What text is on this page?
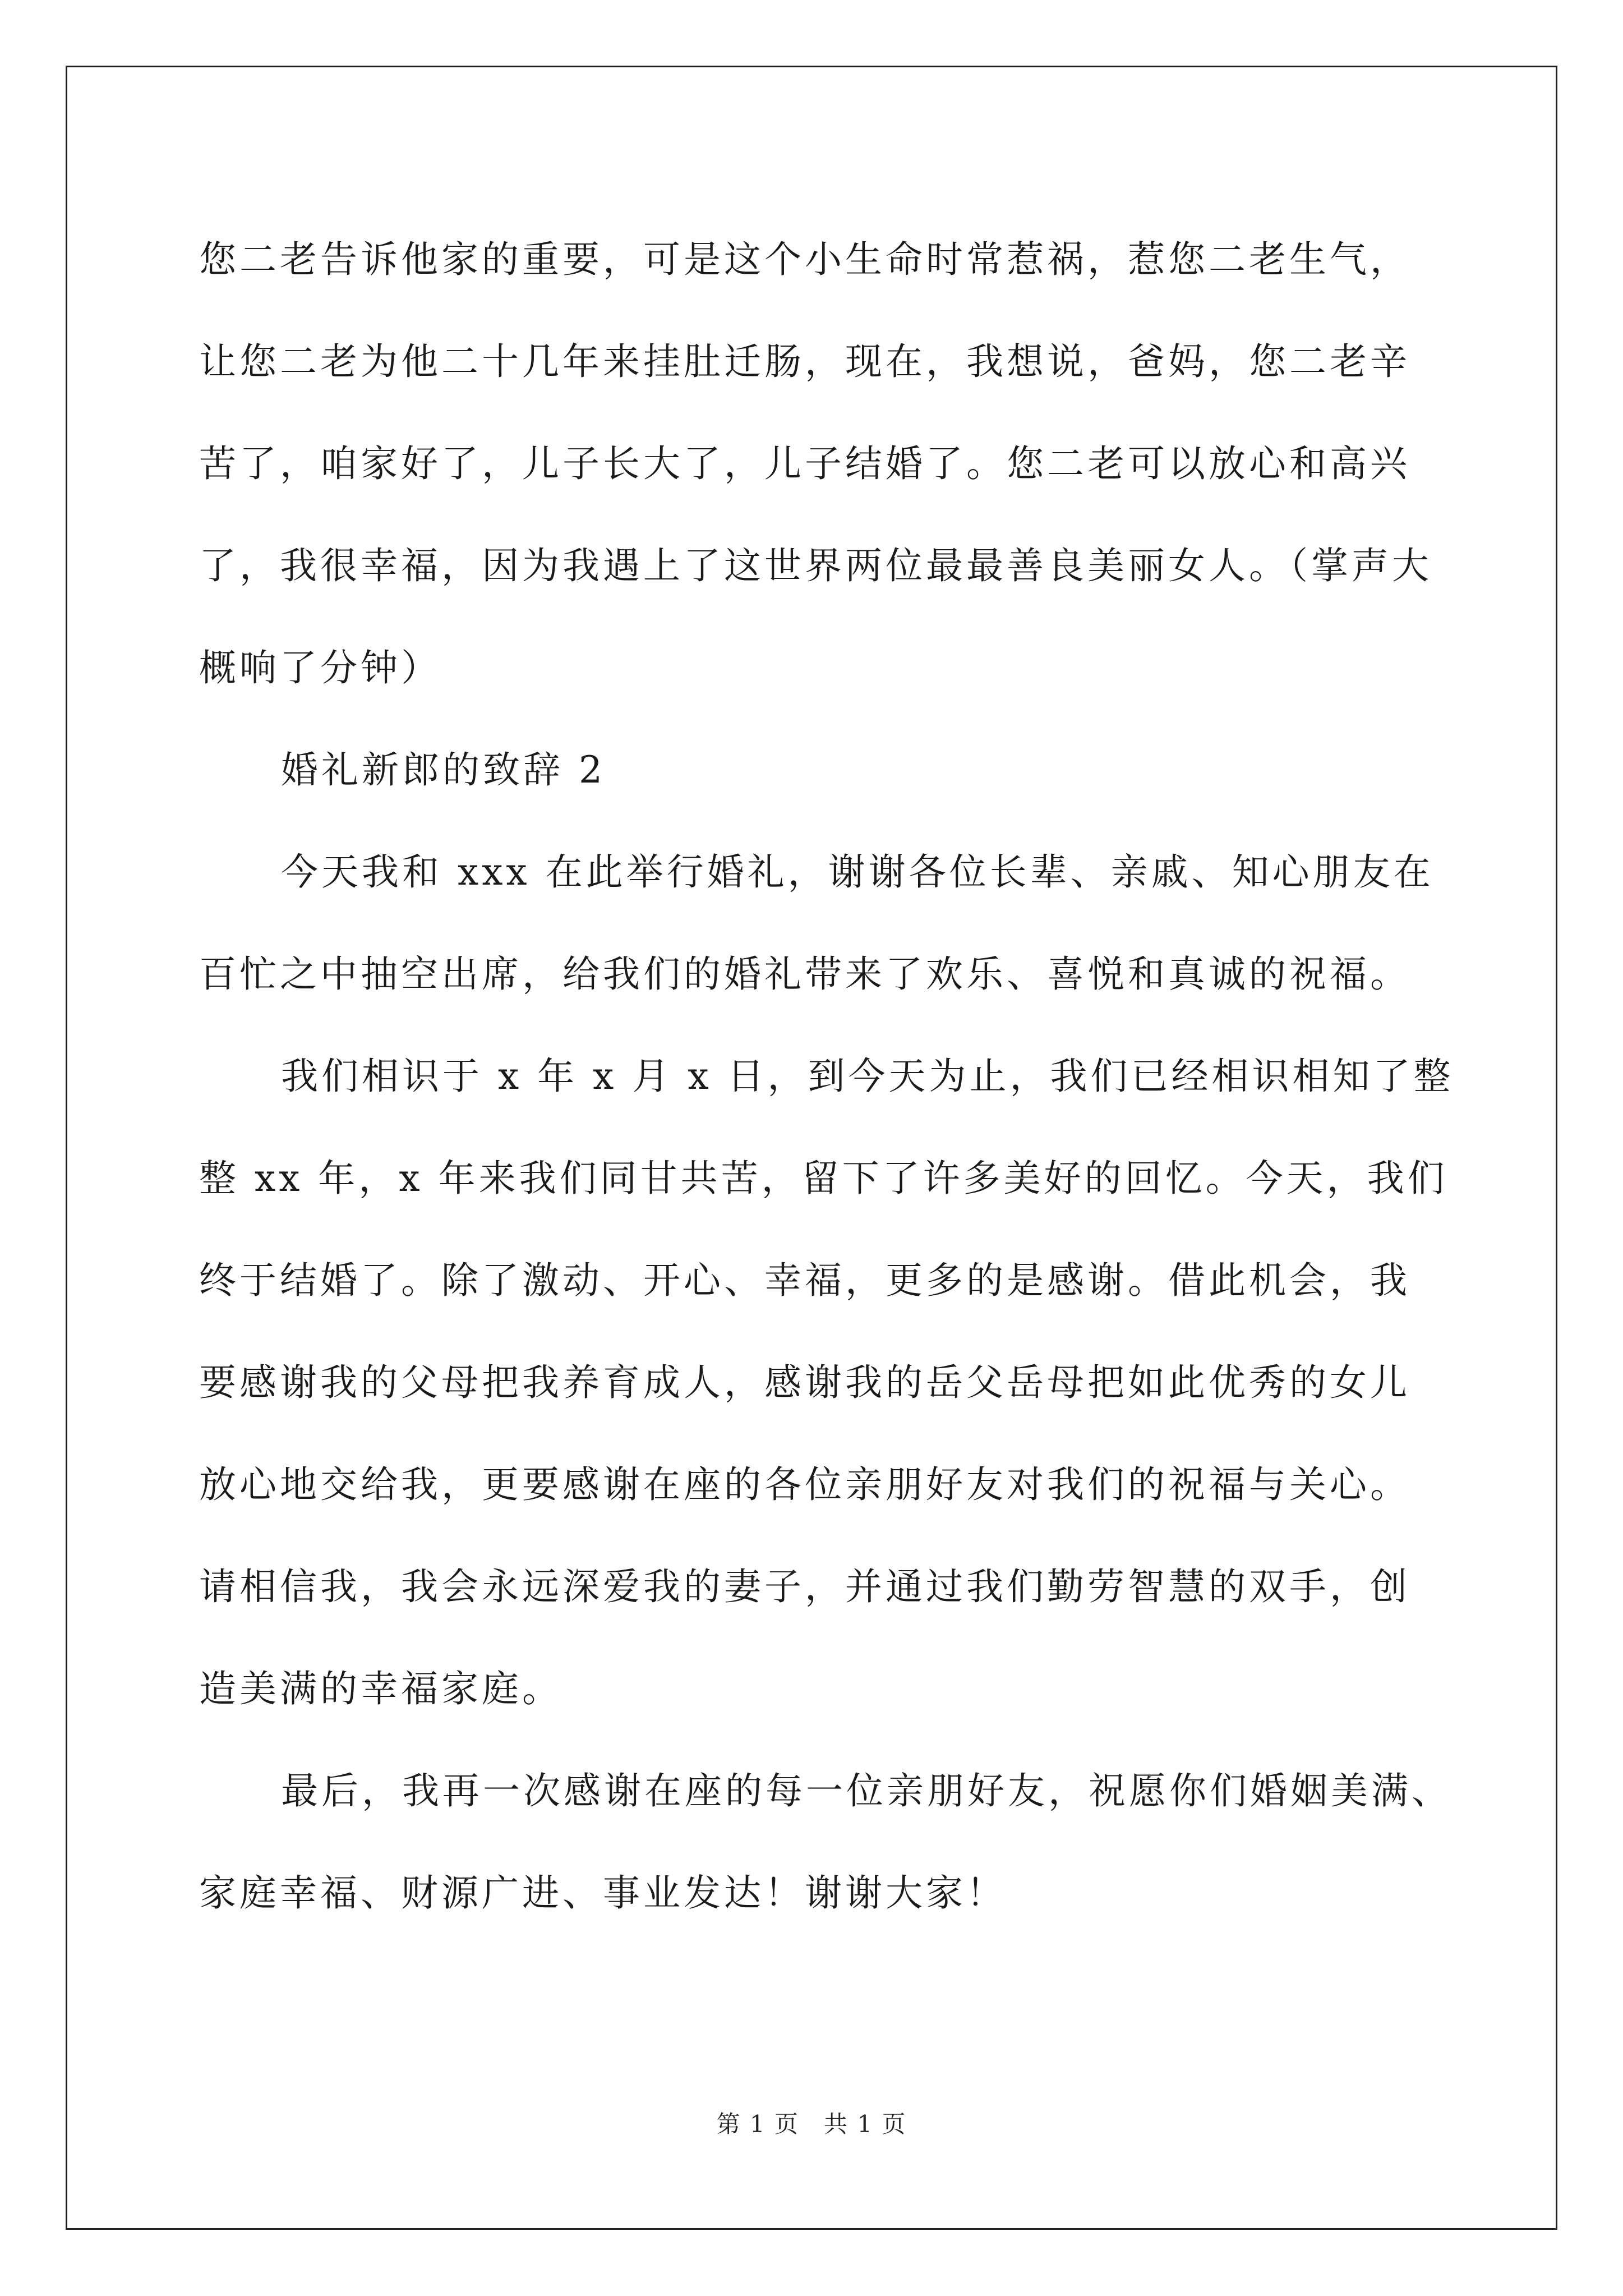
您二老告诉他家的重要，可是这个小生命时常惹祸，惹您二老生气，

让您二老为他二十几年来挂肚迁肠，现在，我想说，爸妈，您二老辛

苦了，咱家好了，儿子长大了，儿子结婚了。您二老可以放心和高兴

了，我很幸福，因为我遇上了这世界两位最最善良美丽女人。（掌声大

概响了分钟）

婚礼新郎的致辞 2

今天我和 xxx 在此举行婚礼，谢谢各位长辈、亲戚、知心朋友在

百忙之中抽空出席，给我们的婚礼带来了欢乐、喜悦和真诚的祝福。

我们相识于 x 年 x 月 x 日，到今天为止，我们已经相识相知了整

整 xx 年，x 年来我们同甘共苦，留下了许多美好的回忆。今天，我们

终于结婚了。除了激动、开心、幸福，更多的是感谢。借此机会，我

要感谢我的父母把我养育成人，感谢我的岳父岳母把如此优秀的女儿

放心地交给我，更要感谢在座的各位亲朋好友对我们的祝福与关心。

请相信我，我会永远深爱我的妻子，并通过我们勤劳智慧的双手，创

造美满的幸福家庭。

最后，我再一次感谢在座的每一位亲朋好友，祝愿你们婚姻美满、

家庭幸福、财源广进、事业发达！谢谢大家！

第 1 页　共 1 页
